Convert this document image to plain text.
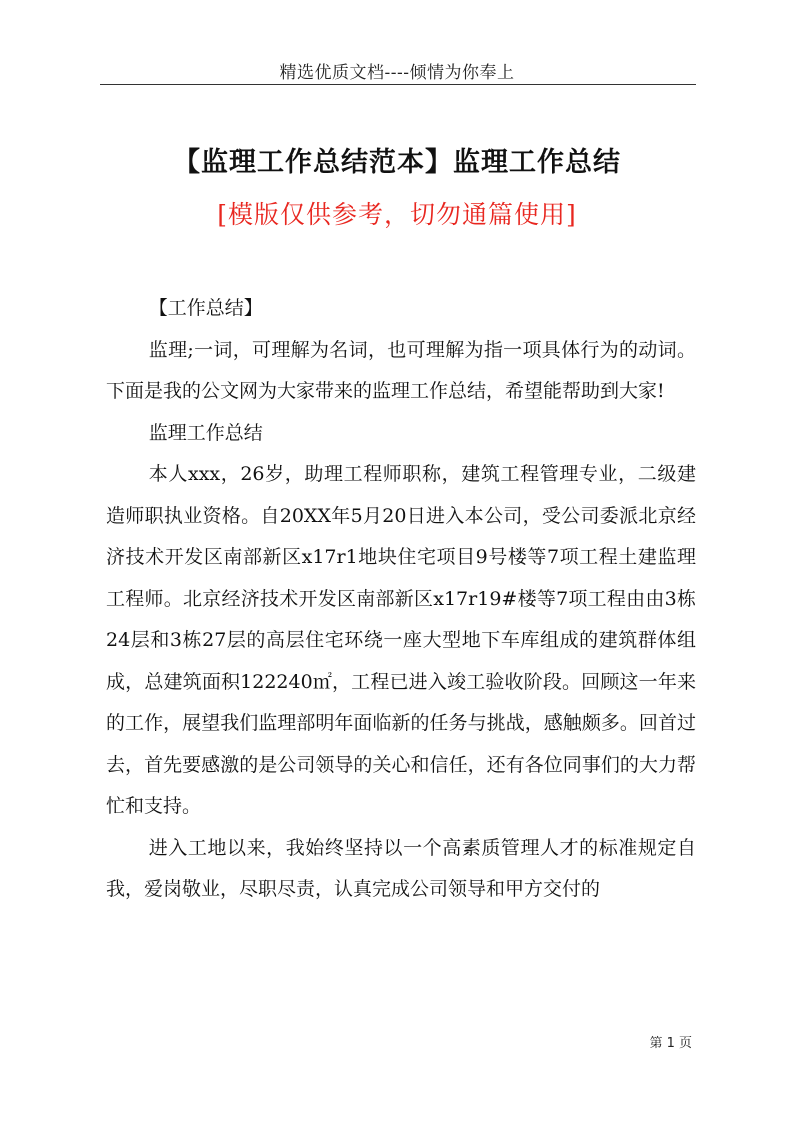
精选优质文档----倾情为你奉上
【监理工作总结范本】监理工作总结
[模版仅供参考，切勿通篇使用]

【工作总结】

监理;一词，可理解为名词，也可理解为指一项具体行为的动词。下面是我的公文网为大家带来的监理工作总结，希望能帮助到大家!

监理工作总结

本人xxx，26岁，助理工程师职称，建筑工程管理专业，二级建造师职执业资格。自20XX年5月20日进入本公司，受公司委派北京经济技术开发区南部新区x17r1地块住宅项目9号楼等7项工程土建监理工程师。北京经济技术开发区南部新区x17r19#楼等7项工程由由3栋24层和3栋27层的高层住宅环绕一座大型地下车库组成的建筑群体组成，总建筑面积122240㎡，工程已进入竣工验收阶段。回顾这一年来的工作，展望我们监理部明年面临新的任务与挑战，感触颇多。回首过去，首先要感激的是公司领导的关心和信任，还有各位同事们的大力帮忙和支持。

进入工地以来，我始终坚持以一个高素质管理人才的标准规定自我，爱岗敬业，尽职尽责，认真完成公司领导和甲方交付的

第 1 页
